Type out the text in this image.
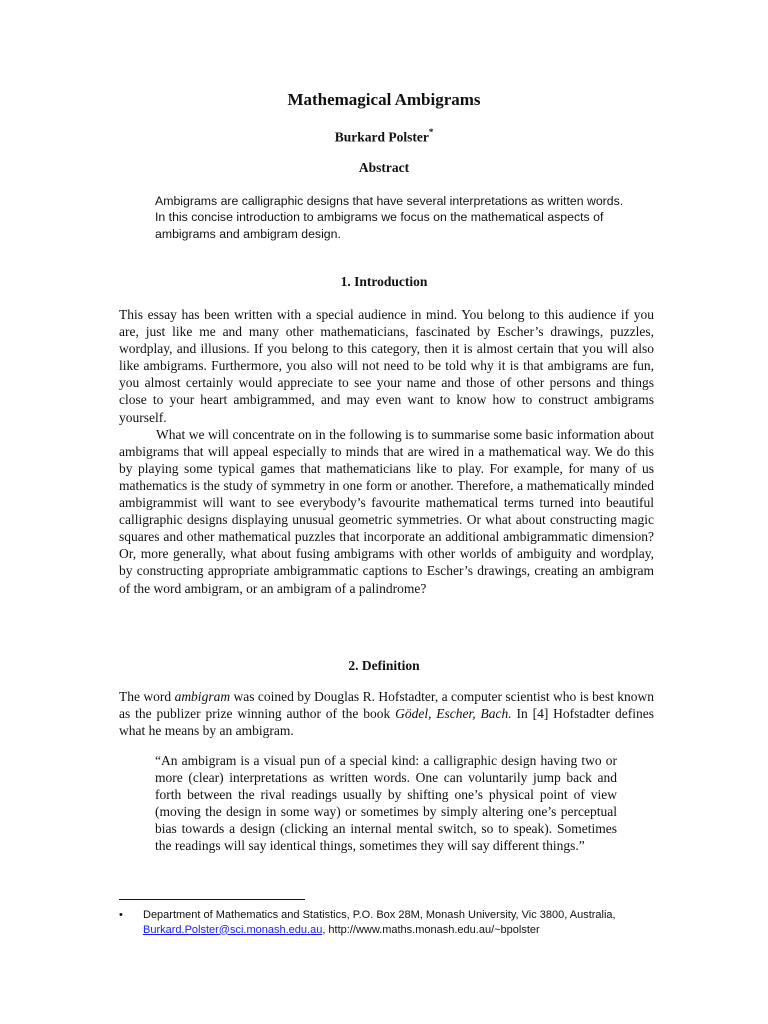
Mathemagical Ambigrams
Burkard Polster*
Abstract
Ambigrams are calligraphic designs that have several interpretations as written words. In this concise introduction to ambigrams we focus on the mathematical aspects of ambigrams and ambigram design.
1. Introduction

This essay has been written with a special audience in mind. You belong to this audience if you are, just like me and many other mathematicians, fascinated by Escher’s drawings, puzzles, wordplay, and illusions. If you belong to this category, then it is almost certain that you will also like ambigrams. Furthermore, you also will not need to be told why it is that ambigrams are fun, you almost certainly would appreciate to see your name and those of other persons and things close to your heart ambigrammed, and may even want to know how to construct ambigrams yourself.

What we will concentrate on in the following is to summarise some basic information about ambigrams that will appeal especially to minds that are wired in a mathematical way. We do this by playing some typical games that mathematicians like to play. For example, for many of us mathematics is the study of symmetry in one form or another. Therefore, a mathematically minded ambigrammist will want to see everybody’s favourite mathematical terms turned into beautiful calligraphic designs displaying unusual geometric symmetries. Or what about constructing magic squares and other mathematical puzzles that incorporate an additional ambigrammatic dimension? Or, more generally, what about fusing ambigrams with other worlds of ambiguity and wordplay, by constructing appropriate ambigrammatic captions to Escher’s drawings, creating an ambigram of the word ambigram, or an ambigram of a palindrome?

2. Definition

The word ambigram was coined by Douglas R. Hofstadter, a computer scientist who is best known as the publizer prize winning author of the book Gödel, Escher, Bach. In [4] Hofstadter defines what he means by an ambigram.

“An ambigram is a visual pun of a special kind: a calligraphic design having two or more (clear) interpretations as written words. One can voluntarily jump back and forth between the rival readings usually by shifting one’s physical point of view (moving the design in some way) or sometimes by simply altering one’s perceptual bias towards a design (clicking an internal mental switch, so to speak). Sometimes the readings will say identical things, sometimes they will say different things.”
• Department of Mathematics and Statistics, P.O. Box 28M, Monash University, Vic 3800, Australia, Burkard.Polster@sci.monash.edu.au, http://www.maths.monash.edu.au/~bpolster
